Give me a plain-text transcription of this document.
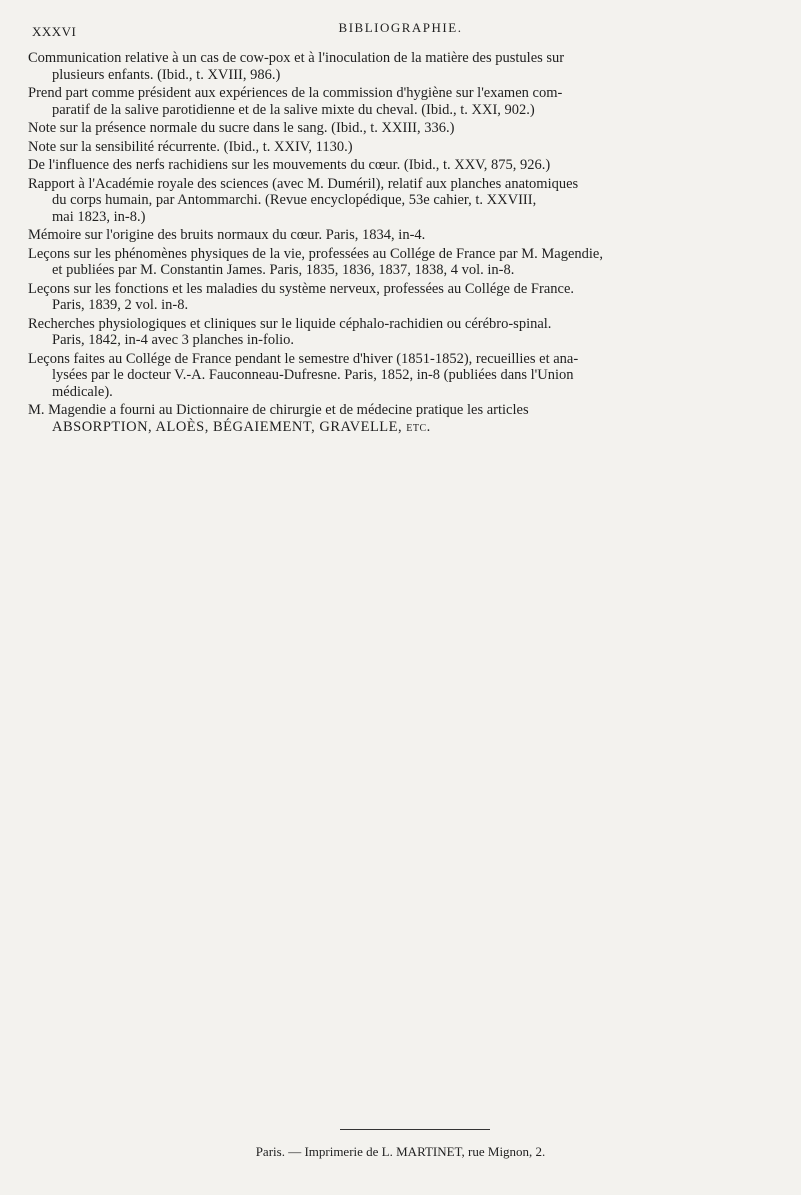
XXXVI	BIBLIOGRAPHIE.

Communication relative à un cas de cow-pox et à l'inoculation de la matière des pustules sur
plusieurs enfants. (Ibid., t. XVIII, 986.)

Prend part comme président aux expériences de la commission d'hygiène sur l'examen com-
paratif de la salive parotidienne et de la salive mixte du cheval. (Ibid., t. XXI, 902.)

Note sur la présence normale du sucre dans le sang. (Ibid., t. XXIII, 336.)

Note sur la sensibilité récurrente. (Ibid., t. XXIV, 1130.)

De l'influence des nerfs rachidiens sur les mouvements du cœur. (Ibid., t. XXV, 875, 926.)

Rapport à l'Académie royale des sciences (avec M. Duméril), relatif aux planches anatomiques
du corps humain, par Antommarchi. (Revue encyclopédique, 53e cahier, t. XXVIII,
mai 1823, in-8.)

Mémoire sur l'origine des bruits normaux du cœur. Paris, 1834, in-4.

Leçons sur les phénomènes physiques de la vie, professées au Collége de France par M. Magendie,
et publiées par M. Constantin James. Paris, 1835, 1836, 1837, 1838, 4 vol. in-8.

Leçons sur les fonctions et les maladies du système nerveux, professées au Collége de France.
Paris, 1839, 2 vol. in-8.

Recherches physiologiques et cliniques sur le liquide céphalo-rachidien ou cérébro-spinal.
Paris, 1842, in-4 avec 3 planches in-folio.

Leçons faites au Collége de France pendant le semestre d'hiver (1851-1852), recueillies et ana-
lysées par le docteur V.-A. Fauconneau-Dufresne. Paris, 1852, in-8 (publiées dans l'Union
médicale).

M. Magendie a fourni au Dictionnaire de chirurgie et de médecine pratique les articles
ABSORPTION, ALOÈS, BÉGAIEMENT, GRAVELLE, etc.

Paris. — Imprimerie de L. MARTINET, rue Mignon, 2.
